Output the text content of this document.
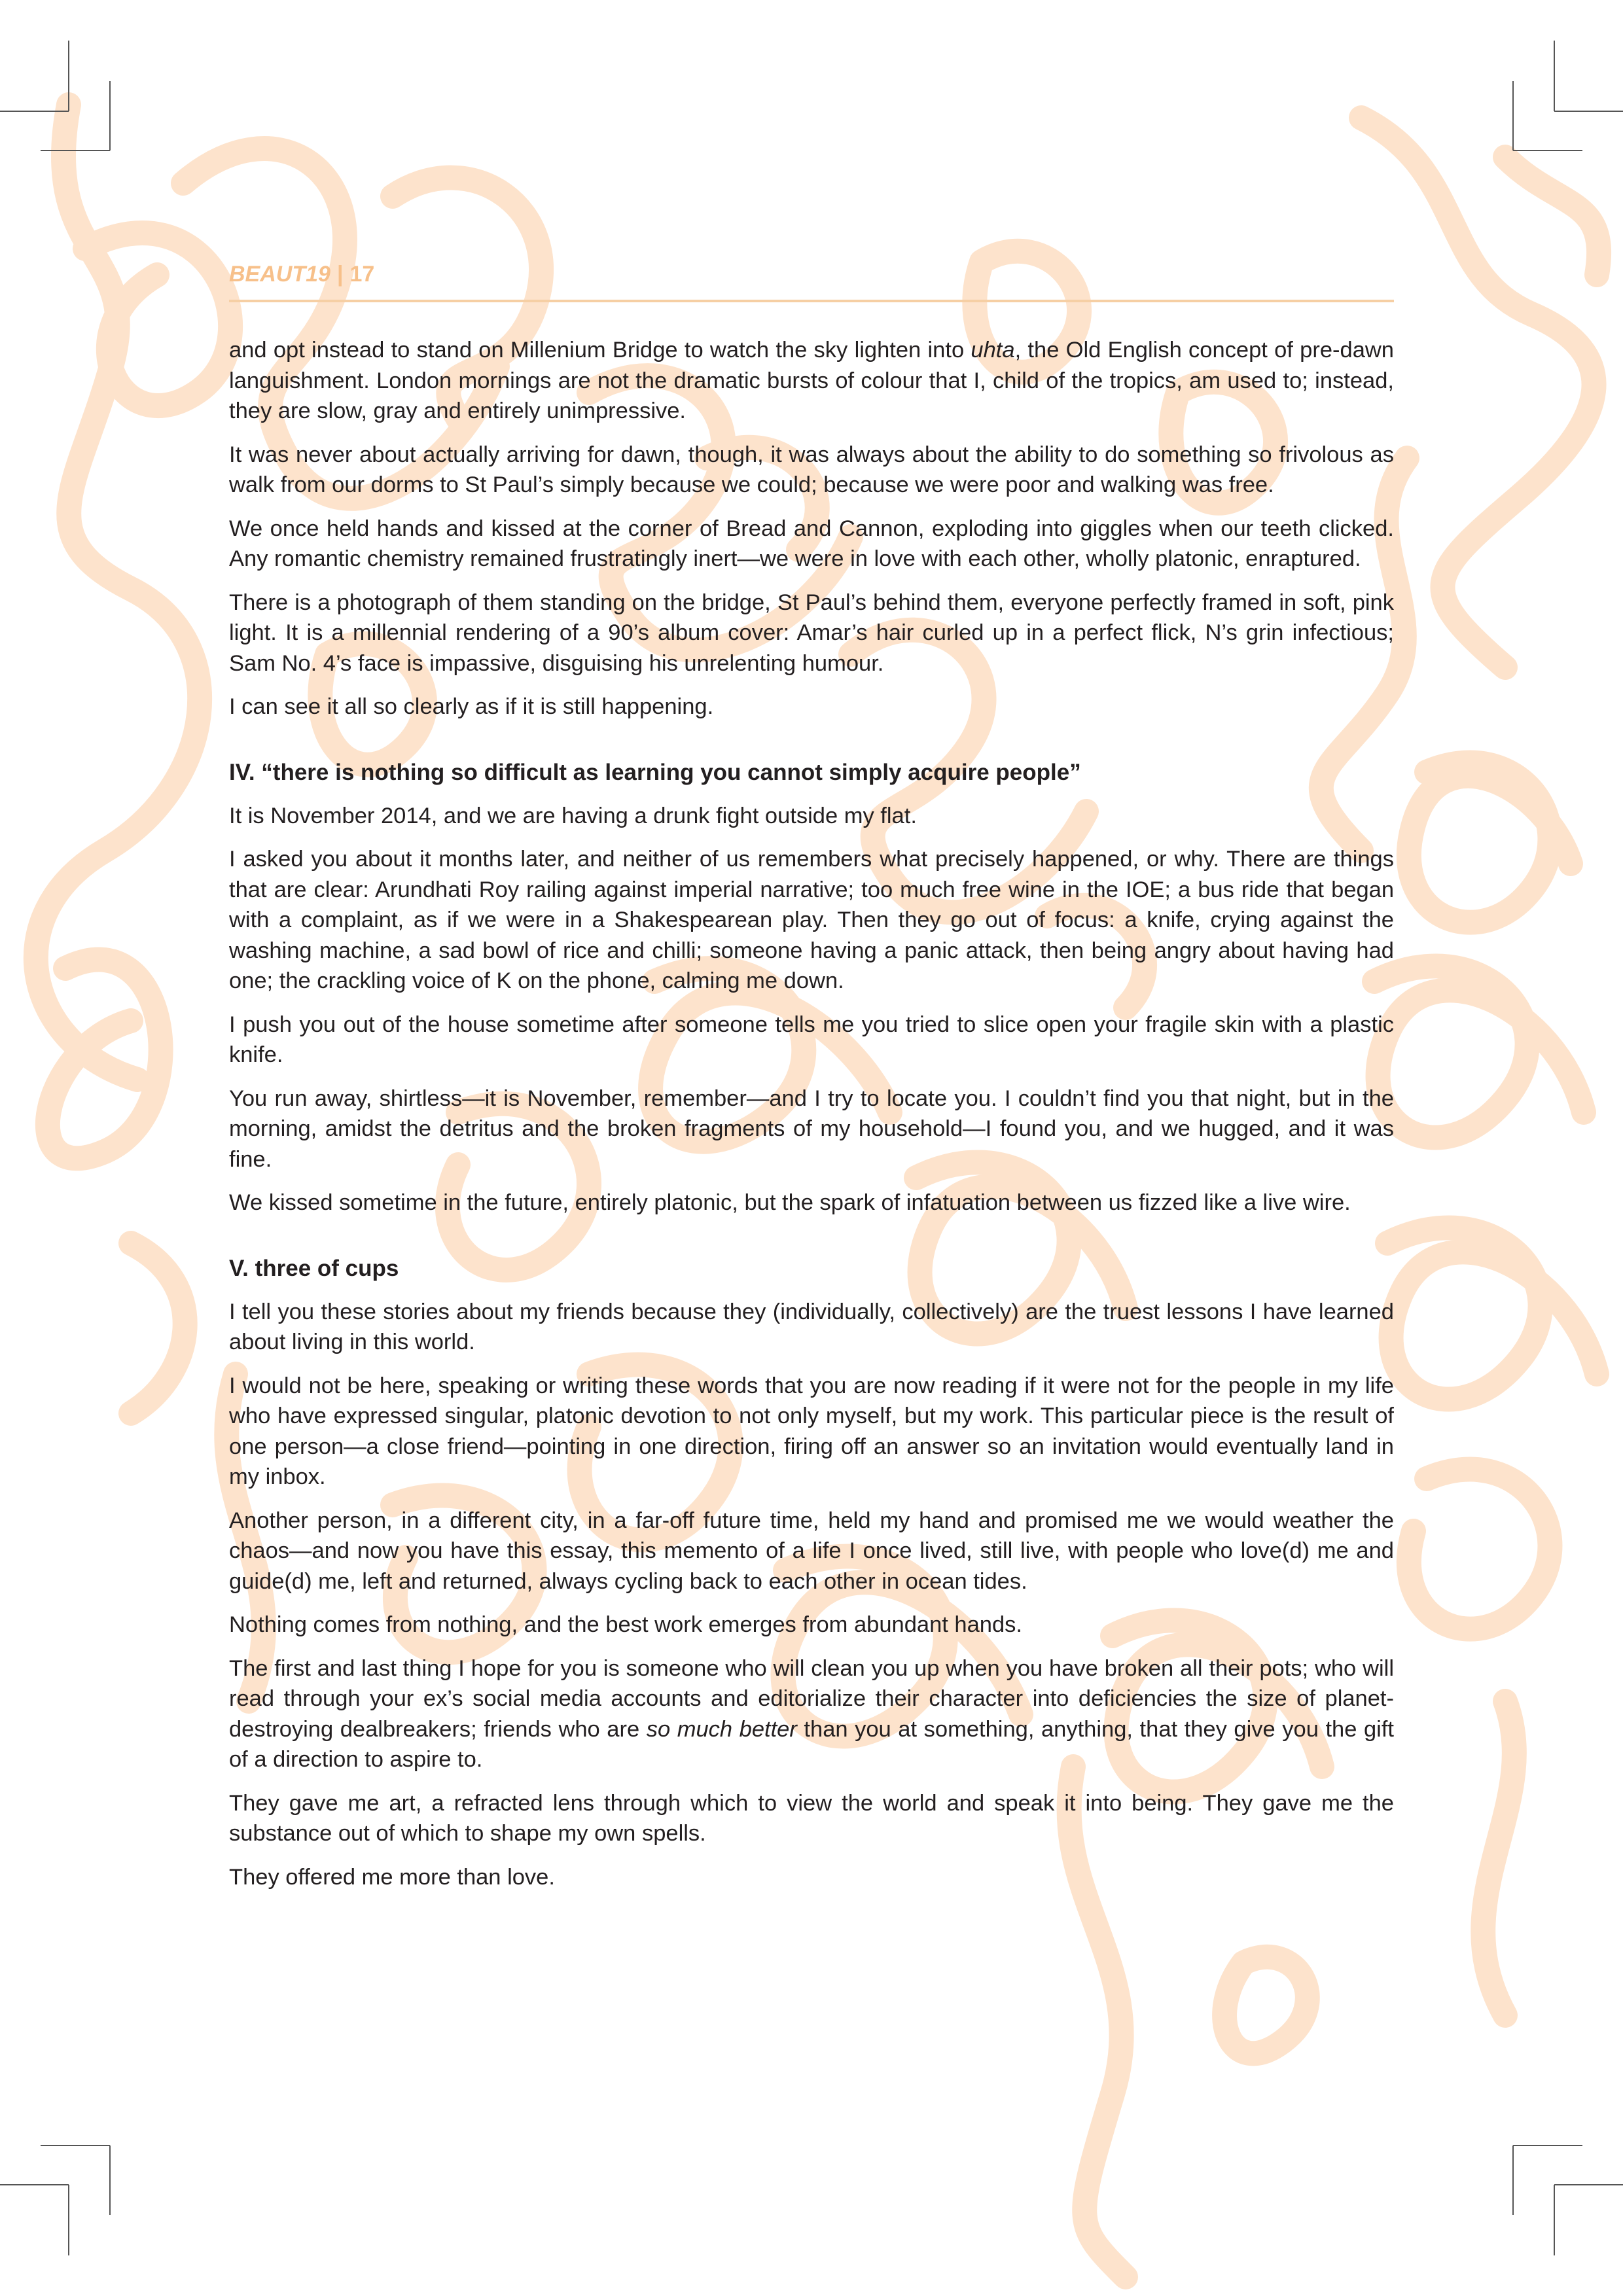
BEAUT19 | 17

and opt instead to stand on Millenium Bridge to watch the sky lighten into uhta, the Old English concept of pre-dawn languishment. London mornings are not the dramatic bursts of colour that I, child of the tropics, am used to; instead, they are slow, gray and entirely unimpressive.

It was never about actually arriving for dawn, though, it was always about the ability to do something so frivolous as walk from our dorms to St Paul’s simply because we could; because we were poor and walking was free.

We once held hands and kissed at the corner of Bread and Cannon, exploding into giggles when our teeth clicked. Any romantic chemistry remained frustratingly inert—we were in love with each other, wholly platonic, enraptured.

There is a photograph of them standing on the bridge, St Paul’s behind them, everyone perfectly framed in soft, pink light. It is a millennial rendering of a 90’s album cover: Amar’s hair curled up in a perfect flick, N’s grin infectious; Sam No. 4’s face is impassive, disguising his unrelenting humour.

I can see it all so clearly as if it is still happening.

IV. “there is nothing so difficult as learning you cannot simply acquire people”

It is November 2014, and we are having a drunk fight outside my flat.

I asked you about it months later, and neither of us remembers what precisely happened, or why. There are things that are clear: Arundhati Roy railing against imperial narrative; too much free wine in the IOE; a bus ride that began with a complaint, as if we were in a Shakespearean play. Then they go out of focus: a knife, crying against the washing machine, a sad bowl of rice and chilli; someone having a panic attack, then being angry about having had one; the crackling voice of K on the phone, calming me down.

I push you out of the house sometime after someone tells me you tried to slice open your fragile skin with a plastic knife.

You run away, shirtless—it is November, remember—and I try to locate you. I couldn’t find you that night, but in the morning, amidst the detritus and the broken fragments of my household—I found you, and we hugged, and it was fine.

We kissed sometime in the future, entirely platonic, but the spark of infatuation between us fizzed like a live wire.

V. three of cups

I tell you these stories about my friends because they (individually, collectively) are the truest lessons I have learned about living in this world.

I would not be here, speaking or writing these words that you are now reading if it were not for the people in my life who have expressed singular, platonic devotion to not only myself, but my work. This particular piece is the result of one person—a close friend—pointing in one direction, firing off an answer so an invitation would eventually land in my inbox.

Another person, in a different city, in a far-off future time, held my hand and promised me we would weather the chaos—and now you have this essay, this memento of a life I once lived, still live, with people who love(d) me and guide(d) me, left and returned, always cycling back to each other in ocean tides.

Nothing comes from nothing, and the best work emerges from abundant hands.

The first and last thing I hope for you is someone who will clean you up when you have broken all their pots; who will read through your ex’s social media accounts and editorialize their character into deficiencies the size of planet-destroying dealbreakers; friends who are so much better than you at something, anything, that they give you the gift of a direction to aspire to.

They gave me art, a refracted lens through which to view the world and speak it into being. They gave me the substance out of which to shape my own spells.

They offered me more than love.
